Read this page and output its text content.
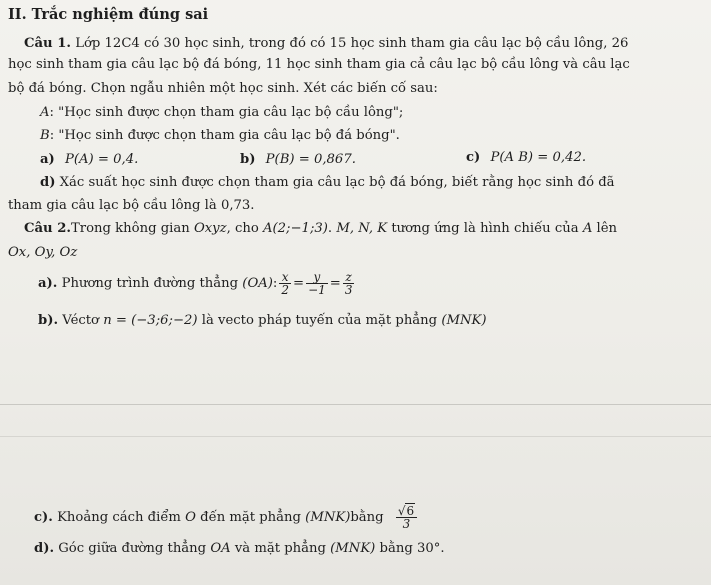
II. Trắc nghiệm đúng sai
Câu 1. Lớp 12C4 có 30 học sinh, trong đó có 15 học sinh tham gia câu lạc bộ cầu lông, 26
học sinh tham gia câu lạc bộ đá bóng, 11 học sinh tham gia cả câu lạc bộ cầu lông và câu lạc
bộ đá bóng. Chọn ngẫu nhiên một học sinh. Xét các biến cố sau:
A: "Học sinh được chọn tham gia câu lạc bộ cầu lông";
B: "Học sinh được chọn tham gia câu lạc bộ đá bóng".
a) P(A) = 0,4.	b) P(B) = 0,867.	c) P(A B) = 0,42.
d) Xác suất học sinh được chọn tham gia câu lạc bộ đá bóng, biết rằng học sinh đó đã
tham gia câu lạc bộ cầu lông là 0,73.
Câu 2.Trong không gian Oxyz, cho A(2;−1;3). M, N, K tương ứng là hình chiếu của A lên
Ox, Oy, Oz
a). Phương trình đường thẳng (OA): $\frac{x}{2} = \frac{y}{-1} = \frac{z}{3}$
b). Véctơ n = (−3;6;−2) là vecto pháp tuyến của mặt phẳng (MNK)
c). Khoảng cách điểm O đến mặt phẳng (MNK)bằng $\frac{√6}{3}$
d). Góc giữa đường thẳng OA và mặt phẳng (MNK) bằng 30°.
